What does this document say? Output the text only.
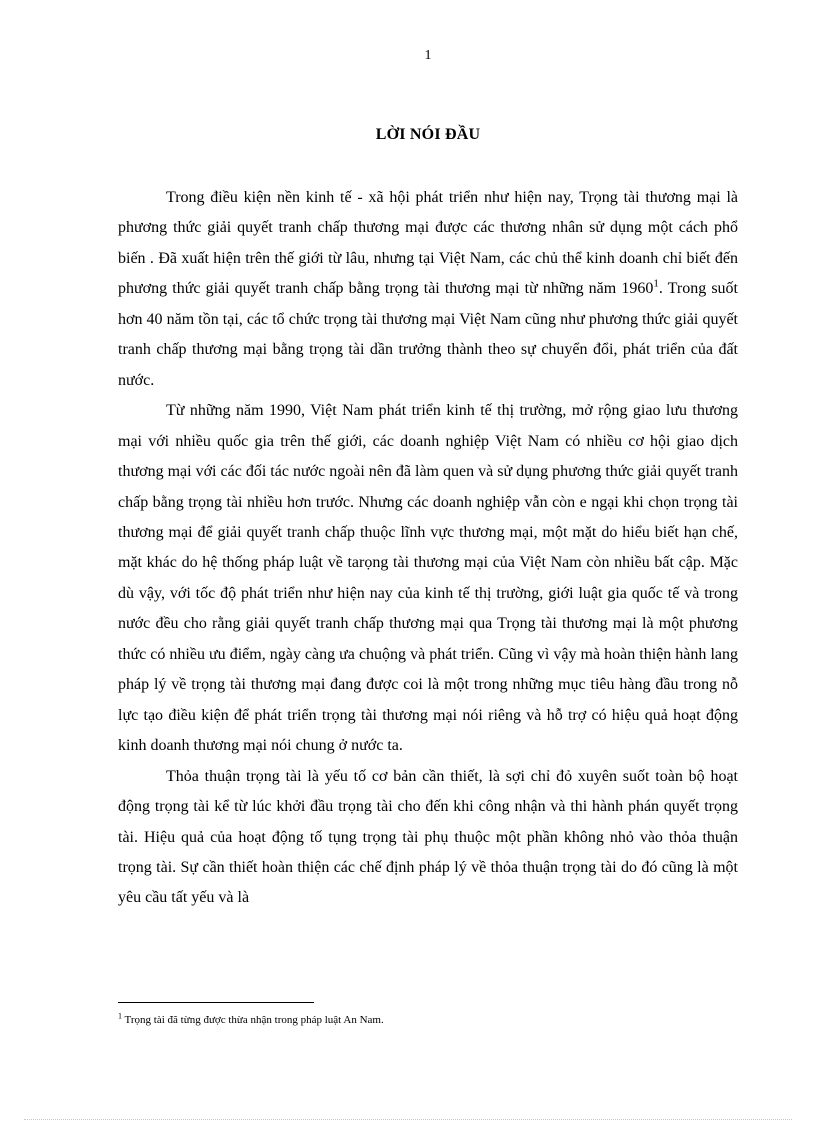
1
LỜI NÓI ĐẦU

Trong điều kiện nền kinh tế - xã hội phát triển như hiện nay, Trọng tài thương mại là phương thức giải quyết tranh chấp thương mại được các thương nhân sử dụng một cách phổ biến . Đã xuất hiện trên thế giới từ lâu, nhưng tại Việt Nam, các chủ thể kinh doanh chỉ biết đến phương thức giải quyết tranh chấp bằng trọng tài thương mại từ những năm 1960$^1$. Trong suốt hơn 40 năm tồn tại, các tổ chức trọng tài thương mại Việt Nam cũng như phương thức giải quyết tranh chấp thương mại bằng trọng tài dần trưởng thành theo sự chuyển đổi, phát triển của đất nước.

Từ những năm 1990, Việt Nam phát triển kinh tế thị trường, mở rộng giao lưu thương mại với nhiều quốc gia trên thế giới, các doanh nghiệp Việt Nam có nhiều cơ hội giao dịch thương mại với các đối tác nước ngoài nên đã làm quen và sử dụng phương thức giải quyết tranh chấp bằng trọng tài nhiều hơn trước. Nhưng các doanh nghiệp vẫn còn e ngại khi chọn trọng tài thương mại để giải quyết tranh chấp thuộc lĩnh vực thương mại, một mặt do hiểu biết hạn chế, mặt khác do hệ thống pháp luật về tarọng tài thương mại của Việt Nam còn nhiều bất cập. Mặc dù vậy, với tốc độ phát triển như hiện nay của kinh tế thị trường, giới luật gia quốc tế và trong nước đều cho rằng giải quyết tranh chấp thương mại qua Trọng tài thương mại là một phương thức có nhiều ưu điểm, ngày càng ưa chuộng và phát triển. Cũng vì vậy mà hoàn thiện hành lang pháp lý về trọng tài thương mại đang được coi là một trong những mục tiêu hàng đầu trong nỗ lực tạo điều kiện để phát triển trọng tài thương mại nói riêng và hỗ trợ có hiệu quả hoạt động kinh doanh thương mại nói chung ở nước ta.

Thỏa thuận trọng tài là yếu tố cơ bản cần thiết, là sợi chỉ đỏ xuyên suốt toàn bộ hoạt động trọng tài kể từ lúc khởi đầu trọng tài cho đến khi công nhận và thi hành phán quyết trọng tài. Hiệu quả của hoạt động tố tụng trọng tài phụ thuộc một phần không nhỏ vào thỏa thuận trọng tài. Sự cần thiết hoàn thiện các chế định pháp lý về thỏa thuận trọng tài do đó cũng là một yêu cầu tất yếu và là

$^1$ Trọng tài đã từng được thừa nhận trong pháp luật An Nam.
